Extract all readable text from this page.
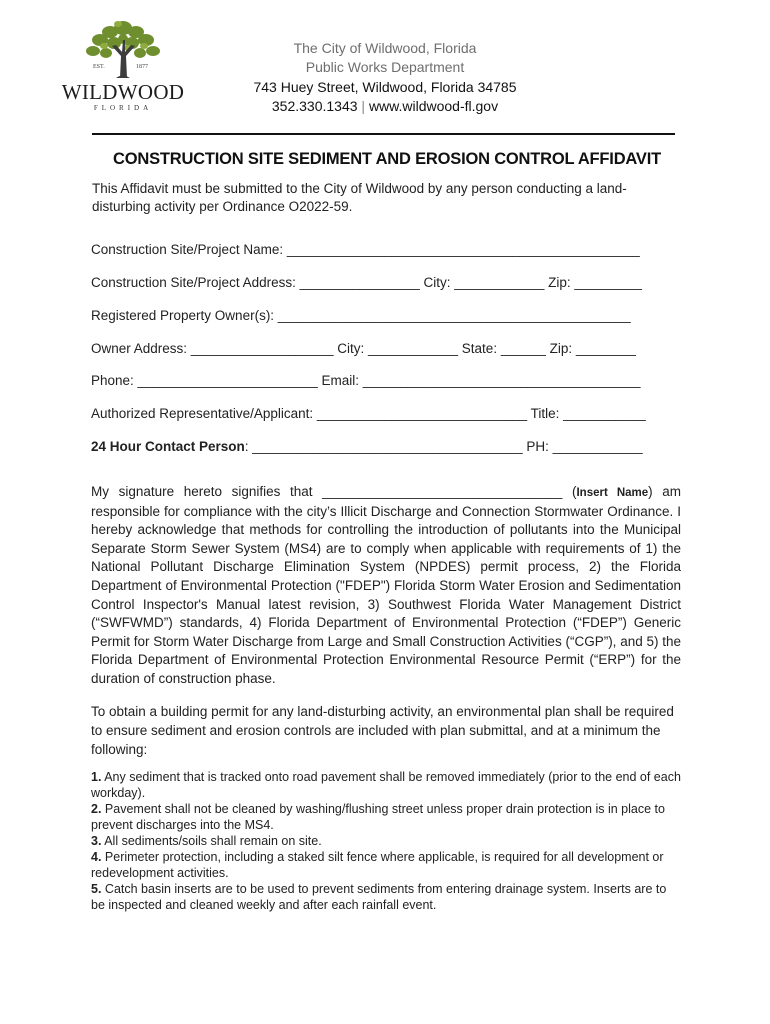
EST.	1877
WILDWOOD
FLORIDA
The City of Wildwood, Florida
Public Works Department
743 Huey Street, Wildwood, Florida 34785
352.330.1343 | www.wildwood-fl.gov
CONSTRUCTION SITE SEDIMENT AND EROSION CONTROL AFFIDAVIT
This Affidavit must be submitted to the City of Wildwood by any person conducting a land-disturbing activity per Ordinance O2022-59.
Construction Site/Project Name: _______________________________________________
Construction Site/Project Address: ________________ City: ____________ Zip: _________
Registered Property Owner(s): _______________________________________________
Owner Address: ___________________ City: ____________ State: ______ Zip: ________
Phone: ________________________ Email: _____________________________________
Authorized Representative/Applicant: ____________________________ Title: ___________
24 Hour Contact Person: ____________________________________ PH: ____________
My signature hereto signifies that ________________________________ (Insert Name) am responsible for compliance with the city’s Illicit Discharge and Connection Stormwater Ordinance. I hereby acknowledge that methods for controlling the introduction of pollutants into the Municipal Separate Storm Sewer System (MS4) are to comply when applicable with requirements of 1) the National Pollutant Discharge Elimination System (NPDES) permit process, 2) the Florida Department of Environmental Protection ("FDEP") Florida Storm Water Erosion and Sedimentation Control Inspector's Manual latest revision, 3) Southwest Florida Water Management District (“SWFWMD”) standards, 4) Florida Department of Environmental Protection (“FDEP”) Generic Permit for Storm Water Discharge from Large and Small Construction Activities (“CGP”), and 5) the Florida Department of Environmental Protection Environmental Resource Permit (“ERP”) for the duration of construction phase.
To obtain a building permit for any land-disturbing activity, an environmental plan shall be required to ensure sediment and erosion controls are included with plan submittal, and at a minimum the following:

1. Any sediment that is tracked onto road pavement shall be removed immediately (prior to the end of each workday).

2. Pavement shall not be cleaned by washing/flushing street unless proper drain protection is in place to prevent discharges into the MS4.

3. All sediments/soils shall remain on site.

4. Perimeter protection, including a staked silt fence where applicable, is required for all development or redevelopment activities.

5. Catch basin inserts are to be used to prevent sediments from entering drainage system. Inserts are to be inspected and cleaned weekly and after each rainfall event.
